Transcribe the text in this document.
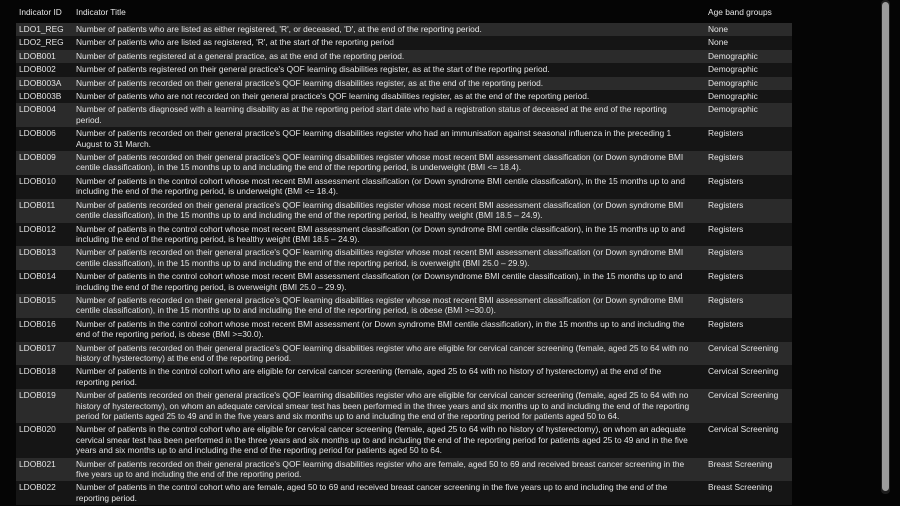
Indicator ID	Indicator Title	Age band groups
LDO1_REG	Number of patients who are listed as either registered, 'R', or deceased, 'D', at the end of the reporting period.	None
LDO2_REG	Number of patients who are listed as registered, 'R', at the start of the reporting period	None
LDOB001	Number of patients registered at a general practice, as at the end of the reporting period.	Demographic
LDOB002	Number of patients registered on their general practice's QOF learning disabilities register, as at the start of the reporting period.	Demographic
LDOB003A	Number of patients recorded on their general practice's QOF learning disabilities register, as at the end of the reporting period.	Demographic
LDOB003B	Number of patients who are not recorded on their general practice's QOF learning disabilities register, as at the end of the reporting period.	Demographic
LDOB004	Number of patients diagnosed with a learning disability as at the reporting period start date who had a registration status of deceased at the end of the reporting period.	Demographic
LDOB006	Number of patients recorded on their general practice's QOF learning disabilities register who had an immunisation against seasonal influenza in the preceding 1 August to 31 March.	Registers
LDOB009	Number of patients recorded on their general practice's QOF learning disabilities register whose most recent BMI assessment classification (or Down syndrome BMI centile classification), in the 15 months up to and including the end of the reporting period, is underweight (BMI <= 18.4).	Registers
LDOB010	Number of patients in the control cohort whose most recent BMI assessment classification (or Down syndrome BMI centile classification), in the 15 months up to and including the end of the reporting period, is underweight (BMI <= 18.4).	Registers
LDOB011	Number of patients recorded on their general practice's QOF learning disabilities register whose most recent BMI assessment classification (or Down syndrome BMI centile classification), in the 15 months up to and including the end of the reporting period, is healthy weight (BMI 18.5 – 24.9).	Registers
LDOB012	Number of patients in the control cohort whose most recent BMI assessment classification (or Down syndrome BMI centile classification), in the 15 months up to and including the end of the reporting period, is healthy weight (BMI 18.5 – 24.9).	Registers
LDOB013	Number of patients recorded on their general practice's QOF learning disabilities register whose most recent BMI assessment classification (or Down syndrome BMI centile classification), in the 15 months up to and including the end of the reporting period, is overweight (BMI 25.0 – 29.9).	Registers
LDOB014	Number of patients in the control cohort whose most recent BMI assessment classification (or Downsyndrome BMI centile classification), in the 15 months up to and including the end of the reporting period, is overweight (BMI 25.0 – 29.9).	Registers
LDOB015	Number of patients recorded on their general practice's QOF learning disabilities register whose most recent BMI assessment classification (or Down syndrome BMI centile classification), in the 15 months up to and including the end of the reporting period, is obese (BMI >=30.0).	Registers
LDOB016	Number of patients in the control cohort whose most recent BMI assessment (or Down syndrome BMI centile classification), in the 15 months up to and including the end of the reporting period, is obese (BMI >=30.0).	Registers
LDOB017	Number of patients recorded on their general practice's QOF learning disabilities register who are eligible for cervical cancer screening (female, aged 25 to 64 with no history of hysterectomy) at the end of the reporting period.	Cervical Screening
LDOB018	Number of patients in the control cohort who are eligible for cervical cancer screening (female, aged 25 to 64 with no history of hysterectomy) at the end of the reporting period.	Cervical Screening
LDOB019	Number of patients recorded on their general practice's QOF learning disabilities register who are eligible for cervical cancer screening (female, aged 25 to 64 with no history of hysterectomy), on whom an adequate cervical smear test has been performed in the three years and six months up to and including the end of the reporting period for patients aged 25 to 49 and in the five years and six months up to and including the end of the reporting period for patients aged 50 to 64.	Cervical Screening
LDOB020	Number of patients in the control cohort who are eligible for cervical cancer screening (female, aged 25 to 64 with no history of hysterectomy), on whom an adequate cervical smear test has been performed in the three years and six months up to and including the end of the reporting period for patients aged 25 to 49 and in the five years and six months up to and including the end of the reporting period for patients aged 50 to 64.	Cervical Screening
LDOB021	Number of patients recorded on their general practice's QOF learning disabilities register who are female, aged 50 to 69 and received breast cancer screening in the five years up to and including the end of the reporting period.	Breast Screening
LDOB022	Number of patients in the control cohort who are female, aged 50 to 69 and received breast cancer screening in the five years up to and including the end of the reporting period.	Breast Screening
